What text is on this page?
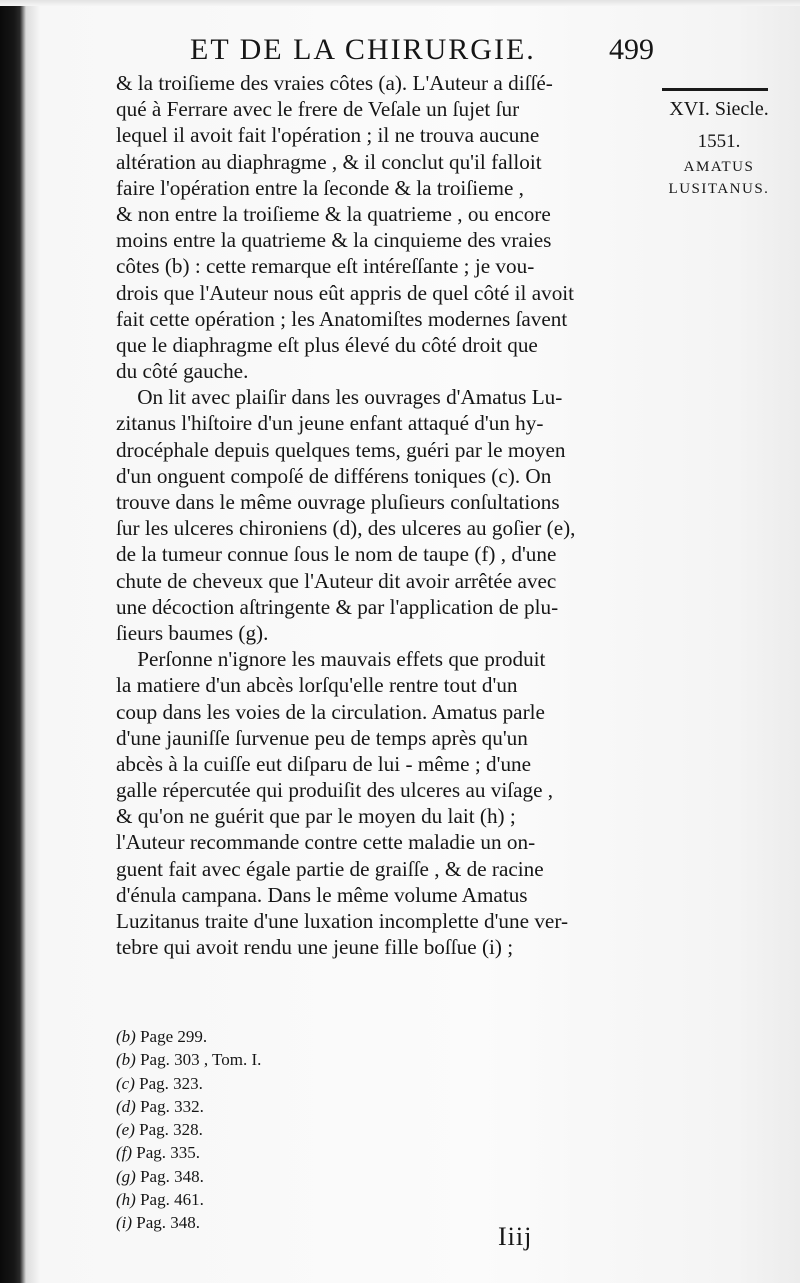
ET DE LA CHIRURGIE. 499
XVI. Siecle.
1551.
AMATUS
LUSITANUS.
& la troiſieme des vraies côtes (a). L'Auteur a diſſé-
qué à Ferrare avec le frere de Veſale un ſujet ſur
lequel il avoit fait l'opération ; il ne trouva aucune
altération au diaphragme , & il conclut qu'il falloit
faire l'opération entre la ſeconde & la troiſieme ,
& non entre la troiſieme & la quatrieme , ou encore
moins entre la quatrieme & la cinquieme des vraies
côtes (b) : cette remarque eſt intéreſſante ; je vou-
drois que l'Auteur nous eût appris de quel côté il avoit
fait cette opération ; les Anatomiſtes modernes ſavent
que le diaphragme eſt plus élevé du côté droit que
du côté gauche.
On lit avec plaiſir dans les ouvrages d'Amatus Lu-
zitanus l'hiſtoire d'un jeune enfant attaqué d'un hy-
drocéphale depuis quelques tems, guéri par le moyen
d'un onguent compoſé de différens toniques (c). On
trouve dans le même ouvrage pluſieurs conſultations
ſur les ulceres chironiens (d), des ulceres au goſier (e),
de la tumeur connue ſous le nom de taupe (f) , d'une
chute de cheveux que l'Auteur dit avoir arrêtée avec
une décoction aſtringente & par l'application de plu-
ſieurs baumes (g).
Perſonne n'ignore les mauvais effets que produit
la matiere d'un abcès lorſqu'elle rentre tout d'un
coup dans les voies de la circulation. Amatus parle
d'une jauniſſe ſurvenue peu de temps après qu'un
abcès à la cuiſſe eut diſparu de lui - même ; d'une
galle répercutée qui produiſit des ulceres au viſage ,
& qu'on ne guérit que par le moyen du lait (h) ;
l'Auteur recommande contre cette maladie un on-
guent fait avec égale partie de graiſſe , & de racine
d'énula campana. Dans le même volume Amatus
Luzitanus traite d'une luxation incomplette d'une ver-
tebre qui avoit rendu une jeune fille boſſue (i) ;
(b) Page 299.
(b) Pag. 303 , Tom. I.
(c) Pag. 323.
(d) Pag. 332.
(e) Pag. 328.
(f) Pag. 335.
(g) Pag. 348.
(h) Pag. 461.
(i) Pag. 348.	Iiij
